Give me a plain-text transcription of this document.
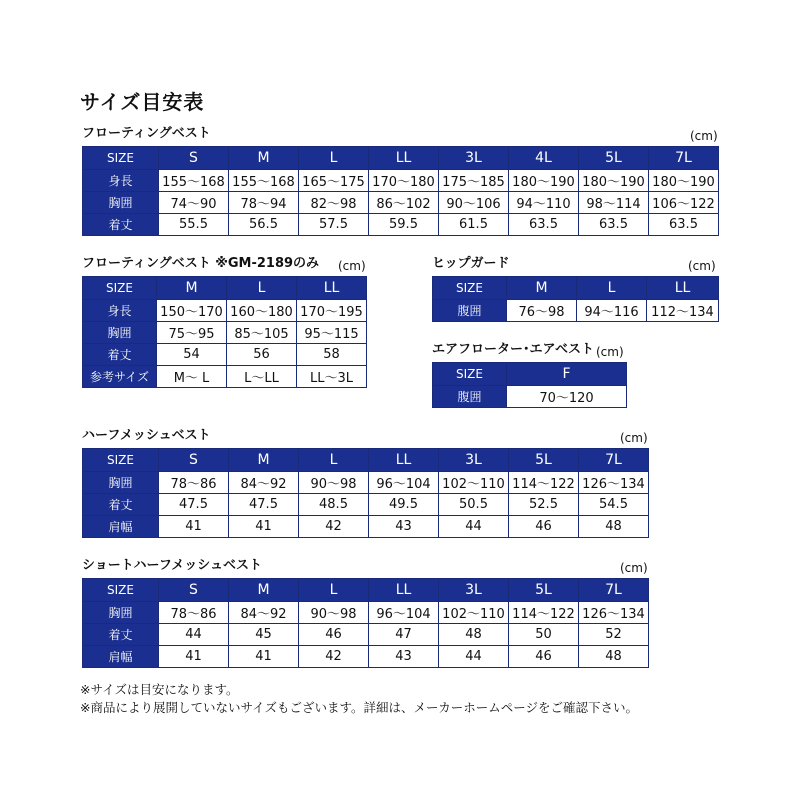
サイズ目安表
フローティングベスト	(cm)
SIZE	S	M	L	LL	3L	4L	5L	7L
身長	155〜168	155〜168	165〜175	170〜180	175〜185	180〜190	180〜190	180〜190
胸囲	74〜90	78〜94	82〜98	86〜102	90〜106	94〜110	98〜114	106〜122
着丈	55.5	56.5	57.5	59.5	61.5	63.5	63.5	63.5
フローティングベスト ※GM-2189のみ (cm)
SIZE	M	L	LL
身長	150〜170	160〜180	170〜195
胸囲	75〜95	85〜105	95〜115
着丈	54	56	58
参考サイズ	M〜 L	L〜LL	LL〜3L
ヒップガード	(cm)
SIZE	M	L	LL
腹囲	76〜98	94〜116	112〜134
エアフローター･エアベスト (cm)
SIZE	F
腹囲	70〜120
ハーフメッシュベスト	(cm)
SIZE	S	M	L	LL	3L	5L	7L
胸囲	78〜86	84〜92	90〜98	96〜104	102〜110	114〜122	126〜134
着丈	47.5	47.5	48.5	49.5	50.5	52.5	54.5
肩幅	41	41	42	43	44	46	48
ショートハーフメッシュベスト	(cm)
SIZE	S	M	L	LL	3L	5L	7L
胸囲	78〜86	84〜92	90〜98	96〜104	102〜110	114〜122	126〜134
着丈	44	45	46	47	48	50	52
肩幅	41	41	42	43	44	46	48
※サイズは目安になります。
※商品により展開していないサイズもございます。詳細は、メーカーホームページをご確認下さい。
